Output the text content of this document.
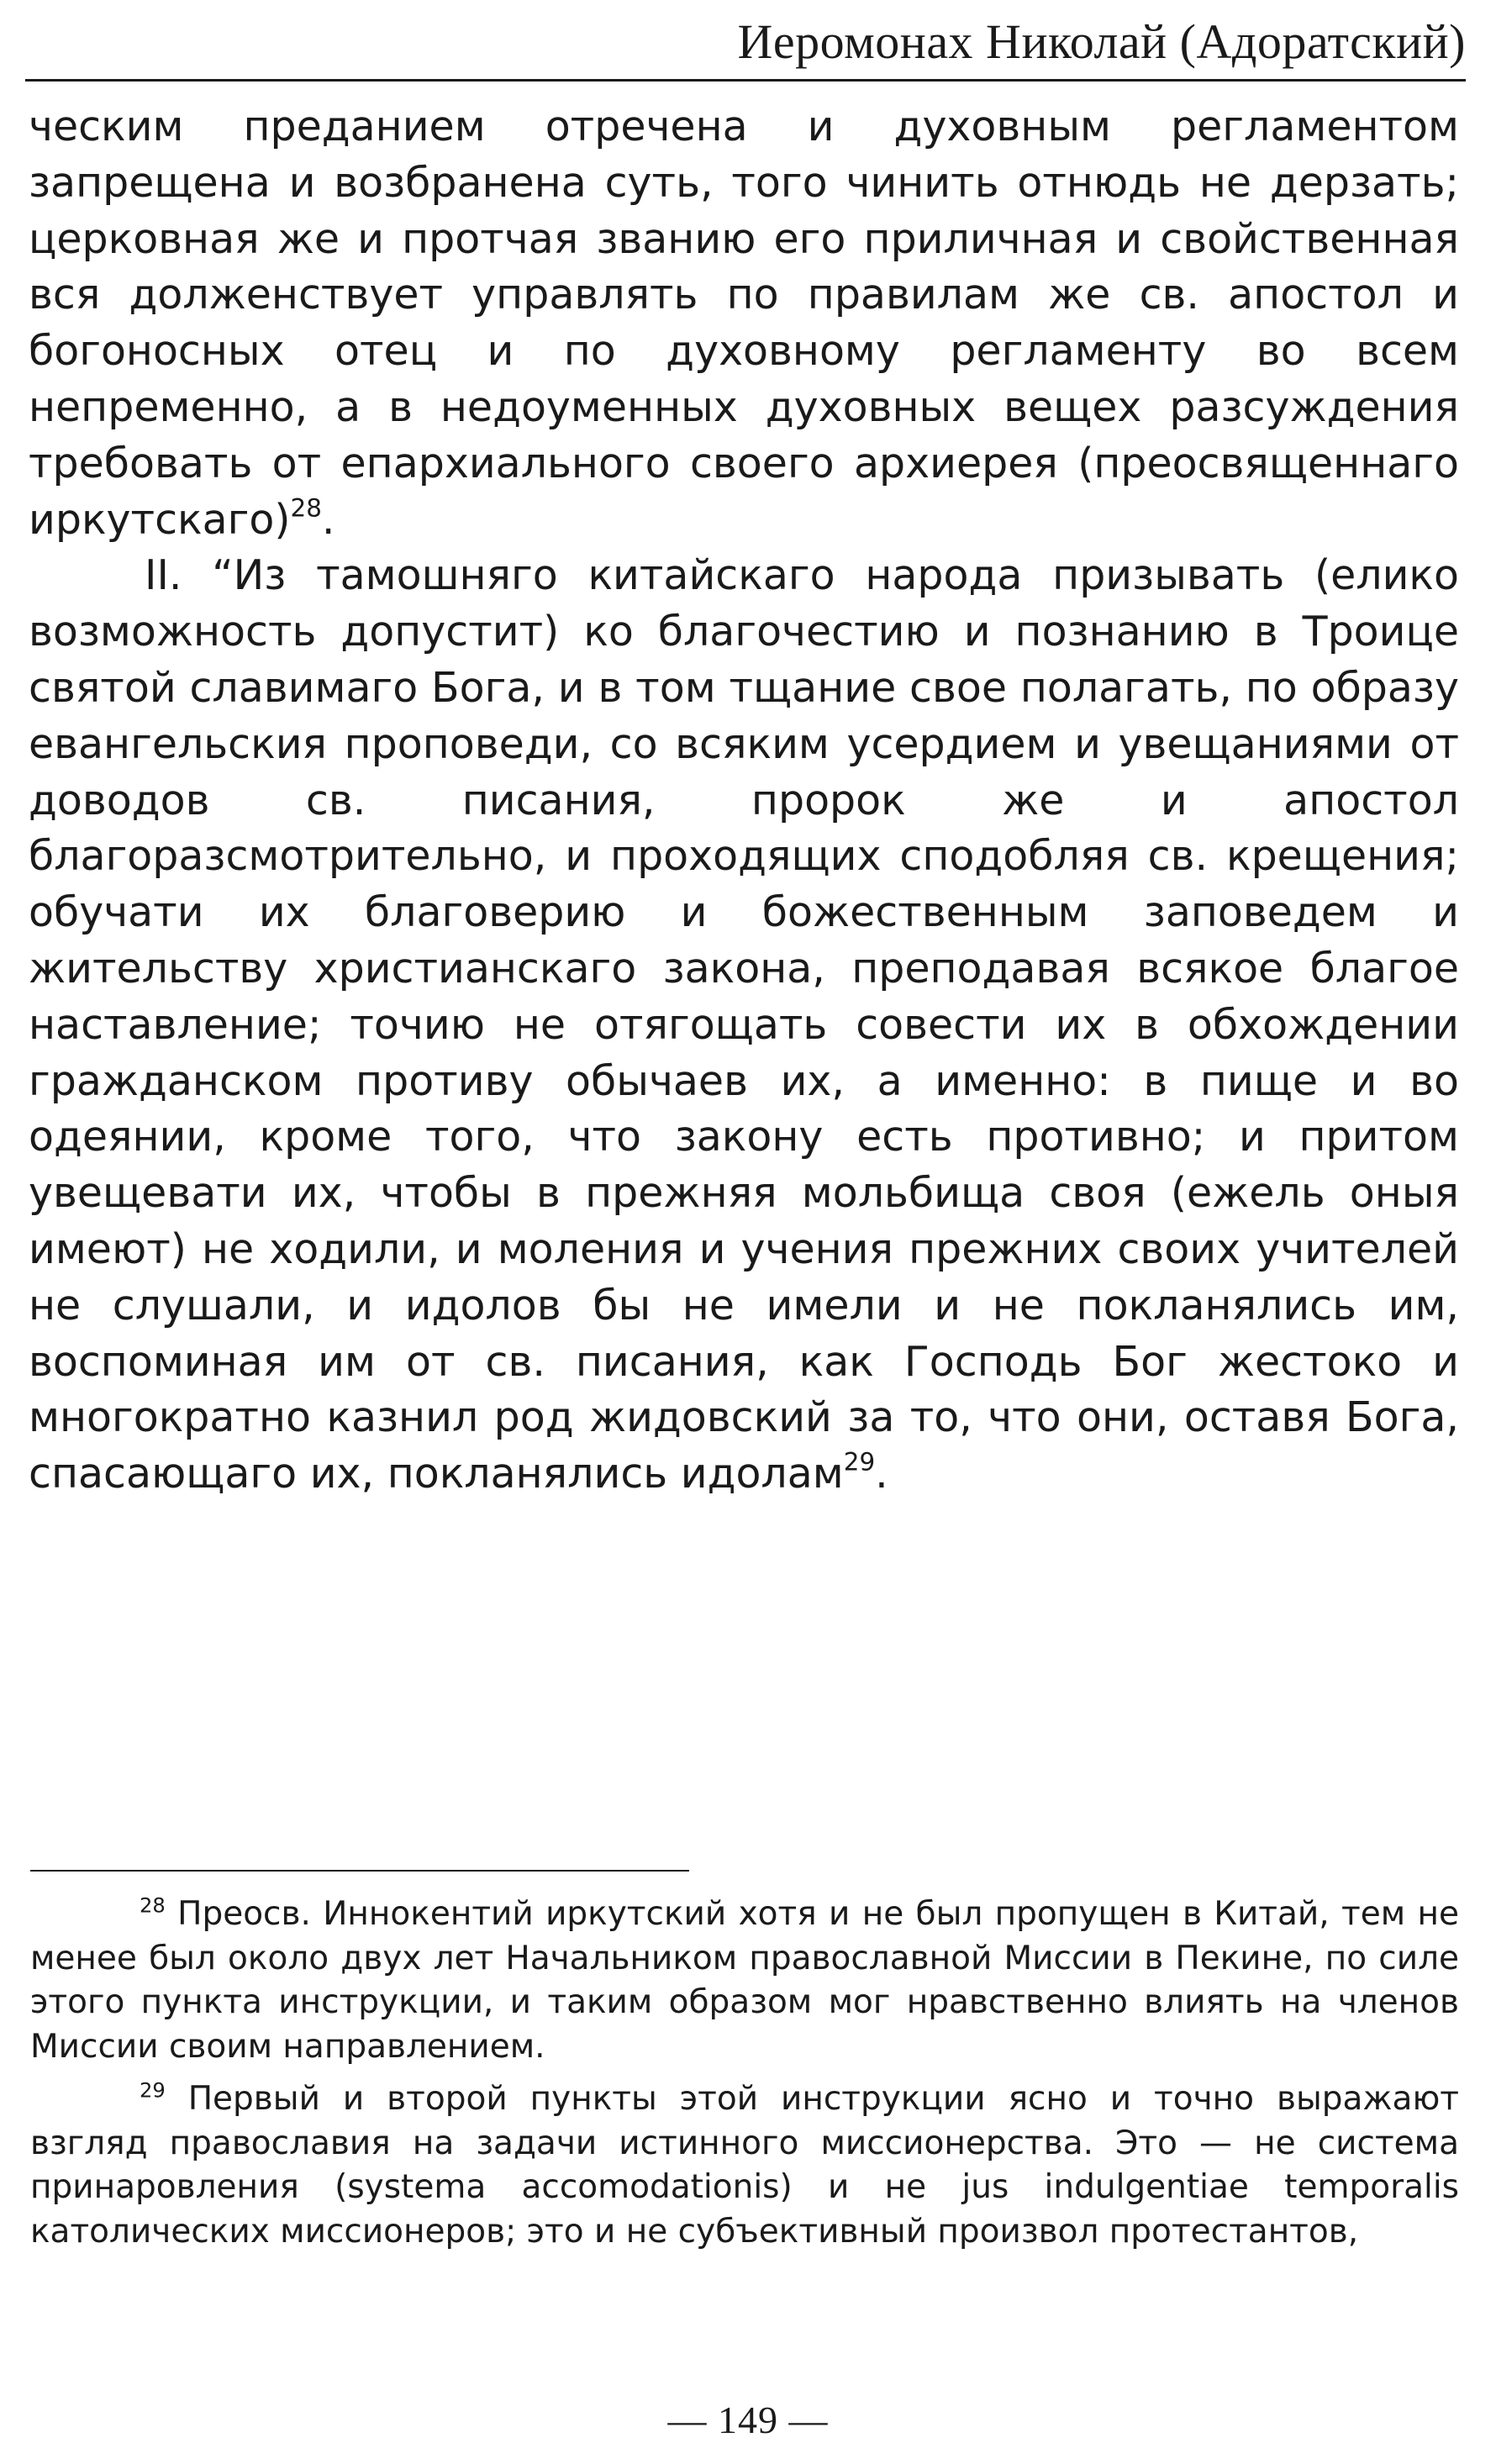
Иеромонах Николай (Адоратский)

ческим преданием отречена и духовным регламентом запрещена и возбранена суть, того чинить отнюдь не дерзать; церковная же и протчая званию его приличная и свойственная вся долженствует управлять по правилам же св. апостол и богоносных отец и по духовному регламенту во всем непременно, а в недоуменных духовных вещех разсуждения требовать от епархиального своего архиерея (преосвященнаго иркутскаго)$^{28}$.

II. “Из тамошняго китайскаго народа призывать (елико возможность допустит) ко благочестию и познанию в Троице святой славимаго Бога, и в том тщание свое полагать, по образу евангельския проповеди, со всяким усердием и увещаниями от доводов св. писания, пророк же и апостол благоразсмотрительно, и проходящих сподобляя св. крещения; обучати их благоверию и божественным заповедем и жительству христианскаго закона, преподавая всякое благое наставление; точию не отягощать совести их в обхождении гражданском противу обычаев их, а именно: в пище и во одеянии, кроме того, что закону есть противно; и притом увещевати их, чтобы в прежняя мольбища своя (ежель оныя имеют) не ходили, и моления и учения прежних своих учителей не слушали, и идолов бы не имели и не покланялись им, воспоминая им от св. писания, как Господь Бог жестоко и многократно казнил род жидовский за то, что они, оставя Бога, спасающаго их, покланялись идолам$^{29}$.

$^{28}$ Преосв. Иннокентий иркутский хотя и не был пропущен в Китай, тем не менее был около двух лет Начальником православной Миссии в Пекине, по силе этого пункта инструкции, и таким образом мог нравственно влиять на членов Миссии своим направлением.

$^{29}$ Первый и второй пункты этой инструкции ясно и точно выражают взгляд православия на задачи истинного миссионерства. Это — не система принаровления (systema accomodationis) и не jus indulgentiae temporalis католических миссионеров; это и не субъективный произвол протестантов,

— 149 —
